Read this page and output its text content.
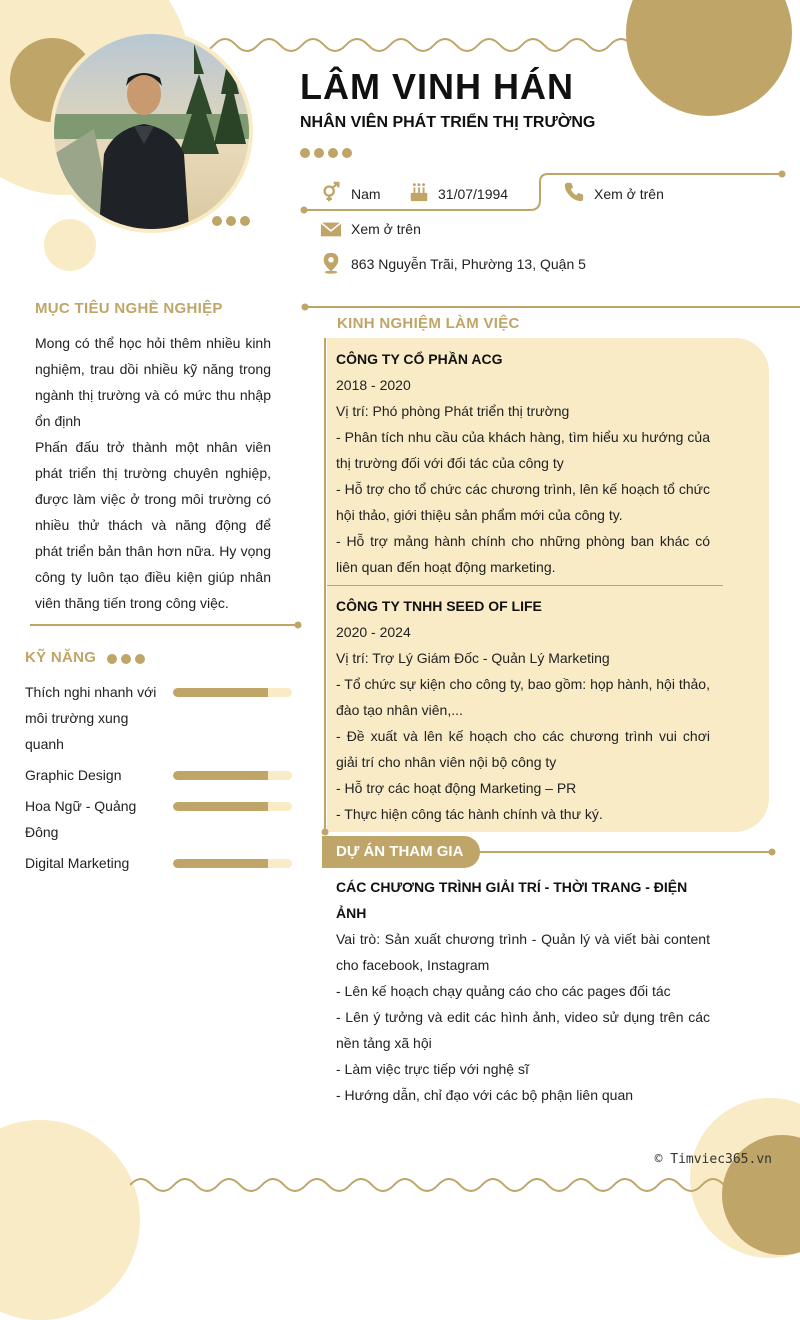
LÂM VINH HÁN
NHÂN VIÊN PHÁT TRIỂN THỊ TRƯỜNG
Nam	31/07/1994	Xem ở trên
Xem ở trên
863 Nguyễn Trãi, Phường 13, Quận 5
MỤC TIÊU NGHỀ NGHIỆP

Mong có thể học hỏi thêm nhiều kinh nghiệm, trau dồi nhiều kỹ năng trong ngành thị trường và có mức thu nhập ổn định

Phấn đấu trở thành một nhân viên phát triển thị trường chuyên nghiệp, được làm việc ở trong môi trường có nhiều thử thách và năng động để phát triển bản thân hơn nữa. Hy vọng công ty luôn tạo điều kiện giúp nhân viên thăng tiến trong công việc.

KỸ NĂNG
Thích nghi nhanh với môi trường xung quanh
Graphic Design
Hoa Ngữ - Quảng Đông
Digital Marketing
KINH NGHIỆM LÀM VIỆC
CÔNG TY CỔ PHẦN ACG
2018 - 2020
Vị trí: Phó phòng Phát triển thị trường
- Phân tích nhu cầu của khách hàng, tìm hiểu xu hướng của thị trường đối với đối tác của công ty
- Hỗ trợ cho tổ chức các chương trình, lên kế hoạch tổ chức hội thảo, giới thiệu sản phẩm mới của công ty.
- Hỗ trợ mảng hành chính cho những phòng ban khác có liên quan đến hoạt động marketing.
CÔNG TY TNHH SEED OF LIFE
2020 - 2024
Vị trí: Trợ Lý Giám Đốc - Quản Lý Marketing
- Tổ chức sự kiện cho công ty, bao gồm: họp hành, hội thảo, đào tạo nhân viên,...
- Đề xuất và lên kế hoạch cho các chương trình vui chơi giải trí cho nhân viên nội bộ công ty
- Hỗ trợ các hoạt động Marketing – PR
- Thực hiện công tác hành chính và thư ký.
DỰ ÁN THAM GIA
CÁC CHƯƠNG TRÌNH GIẢI TRÍ - THỜI TRANG - ĐIỆN ẢNH
Vai trò: Sản xuất chương trình - Quản lý và viết bài content cho facebook, Instagram
- Lên kế hoạch chạy quảng cáo cho các pages đối tác
- Lên ý tưởng và edit các hình ảnh, video sử dụng trên các nền tảng xã hội
- Làm việc trực tiếp với nghệ sĩ
- Hướng dẫn, chỉ đạo với các bộ phận liên quan
© Timviec365.vn
